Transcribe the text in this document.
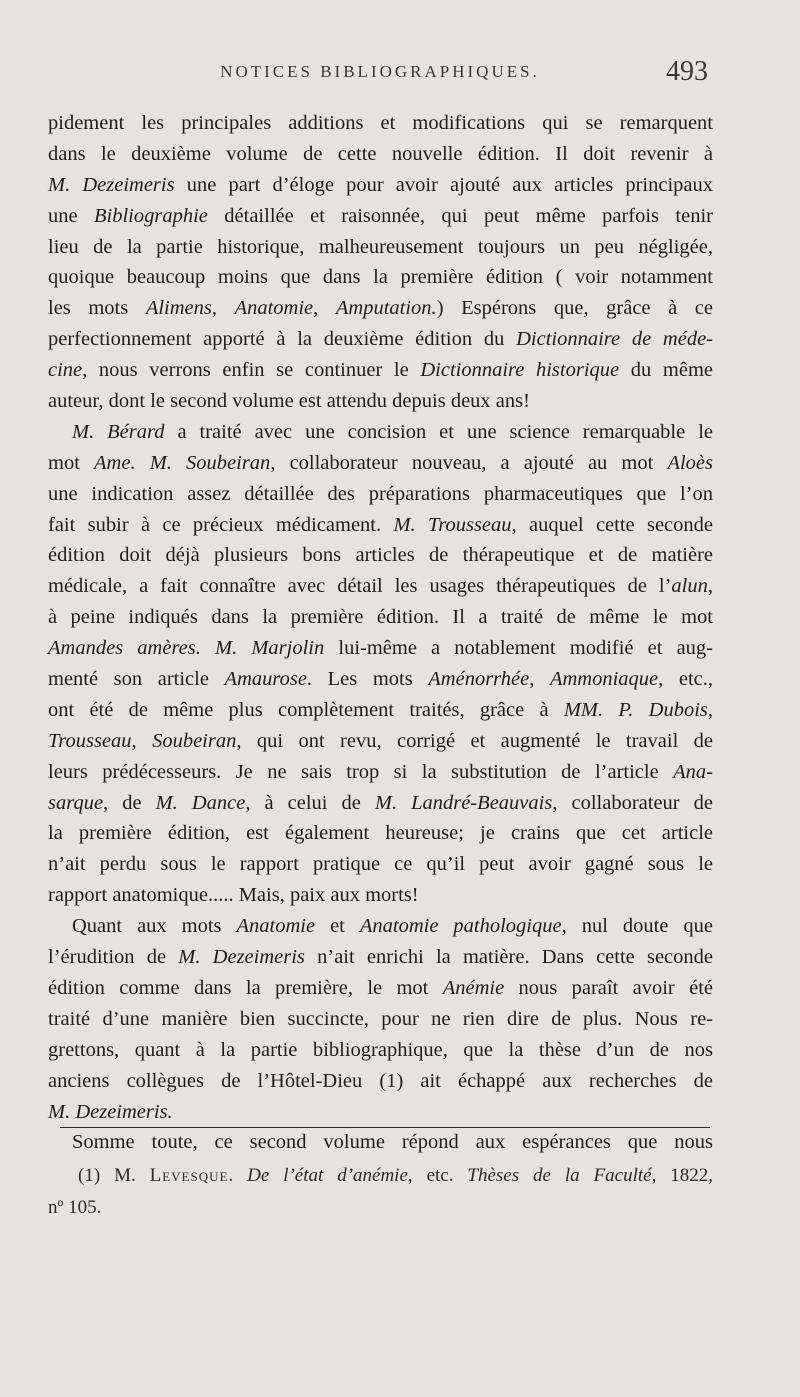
NOTICES BIBLIOGRAPHIQUES.	493
pidement les principales additions et modifications qui se remarquent
dans le deuxième volume de cette nouvelle édition. Il doit revenir à
M. Dezeimeris une part d’éloge pour avoir ajouté aux articles principaux
une Bibliographie détaillée et raisonnée, qui peut même parfois tenir
lieu de la partie historique, malheureusement toujours un peu négligée,
quoique beaucoup moins que dans la première édition ( voir notamment
les mots Alimens, Anatomie, Amputation.) Espérons que, grâce à ce
perfectionnement apporté à la deuxième édition du Dictionnaire de méde-
cine, nous verrons enfin se continuer le Dictionnaire historique du même
auteur, dont le second volume est attendu depuis deux ans!
M. Bérard a traité avec une concision et une science remarquable le
mot Ame. M. Soubeiran, collaborateur nouveau, a ajouté au mot Aloès
une indication assez détaillée des préparations pharmaceutiques que l’on
fait subir à ce précieux médicament. M. Trousseau, auquel cette seconde
édition doit déjà plusieurs bons articles de thérapeutique et de matière
médicale, a fait connaître avec détail les usages thérapeutiques de l’alun,
à peine indiqués dans la première édition. Il a traité de même le mot
Amandes amères. M. Marjolin lui-même a notablement modifié et aug-
menté son article Amaurose. Les mots Aménorrhée, Ammoniaque, etc.,
ont été de même plus complètement traités, grâce à MM. P. Dubois,
Trousseau, Soubeiran, qui ont revu, corrigé et augmenté le travail de
leurs prédécesseurs. Je ne sais trop si la substitution de l’article Ana-
sarque, de M. Dance, à celui de M. Landré-Beauvais, collaborateur de
la première édition, est également heureuse; je crains que cet article
n’ait perdu sous le rapport pratique ce qu’il peut avoir gagné sous le
rapport anatomique..... Mais, paix aux morts!
Quant aux mots Anatomie et Anatomie pathologique, nul doute que
l’érudition de M. Dezeimeris n’ait enrichi la matière. Dans cette seconde
édition comme dans la première, le mot Anémie nous paraît avoir été
traité d’une manière bien succincte, pour ne rien dire de plus. Nous re-
grettons, quant à la partie bibliographique, que la thèse d’un de nos
anciens collègues de l’Hôtel-Dieu (1) ait échappé aux recherches de
M. Dezeimeris.
Somme toute, ce second volume répond aux espérances que nous
(1) M. Levesque. De l’état d’anémie, etc. Thèses de la Faculté, 1822,
nº 105.
